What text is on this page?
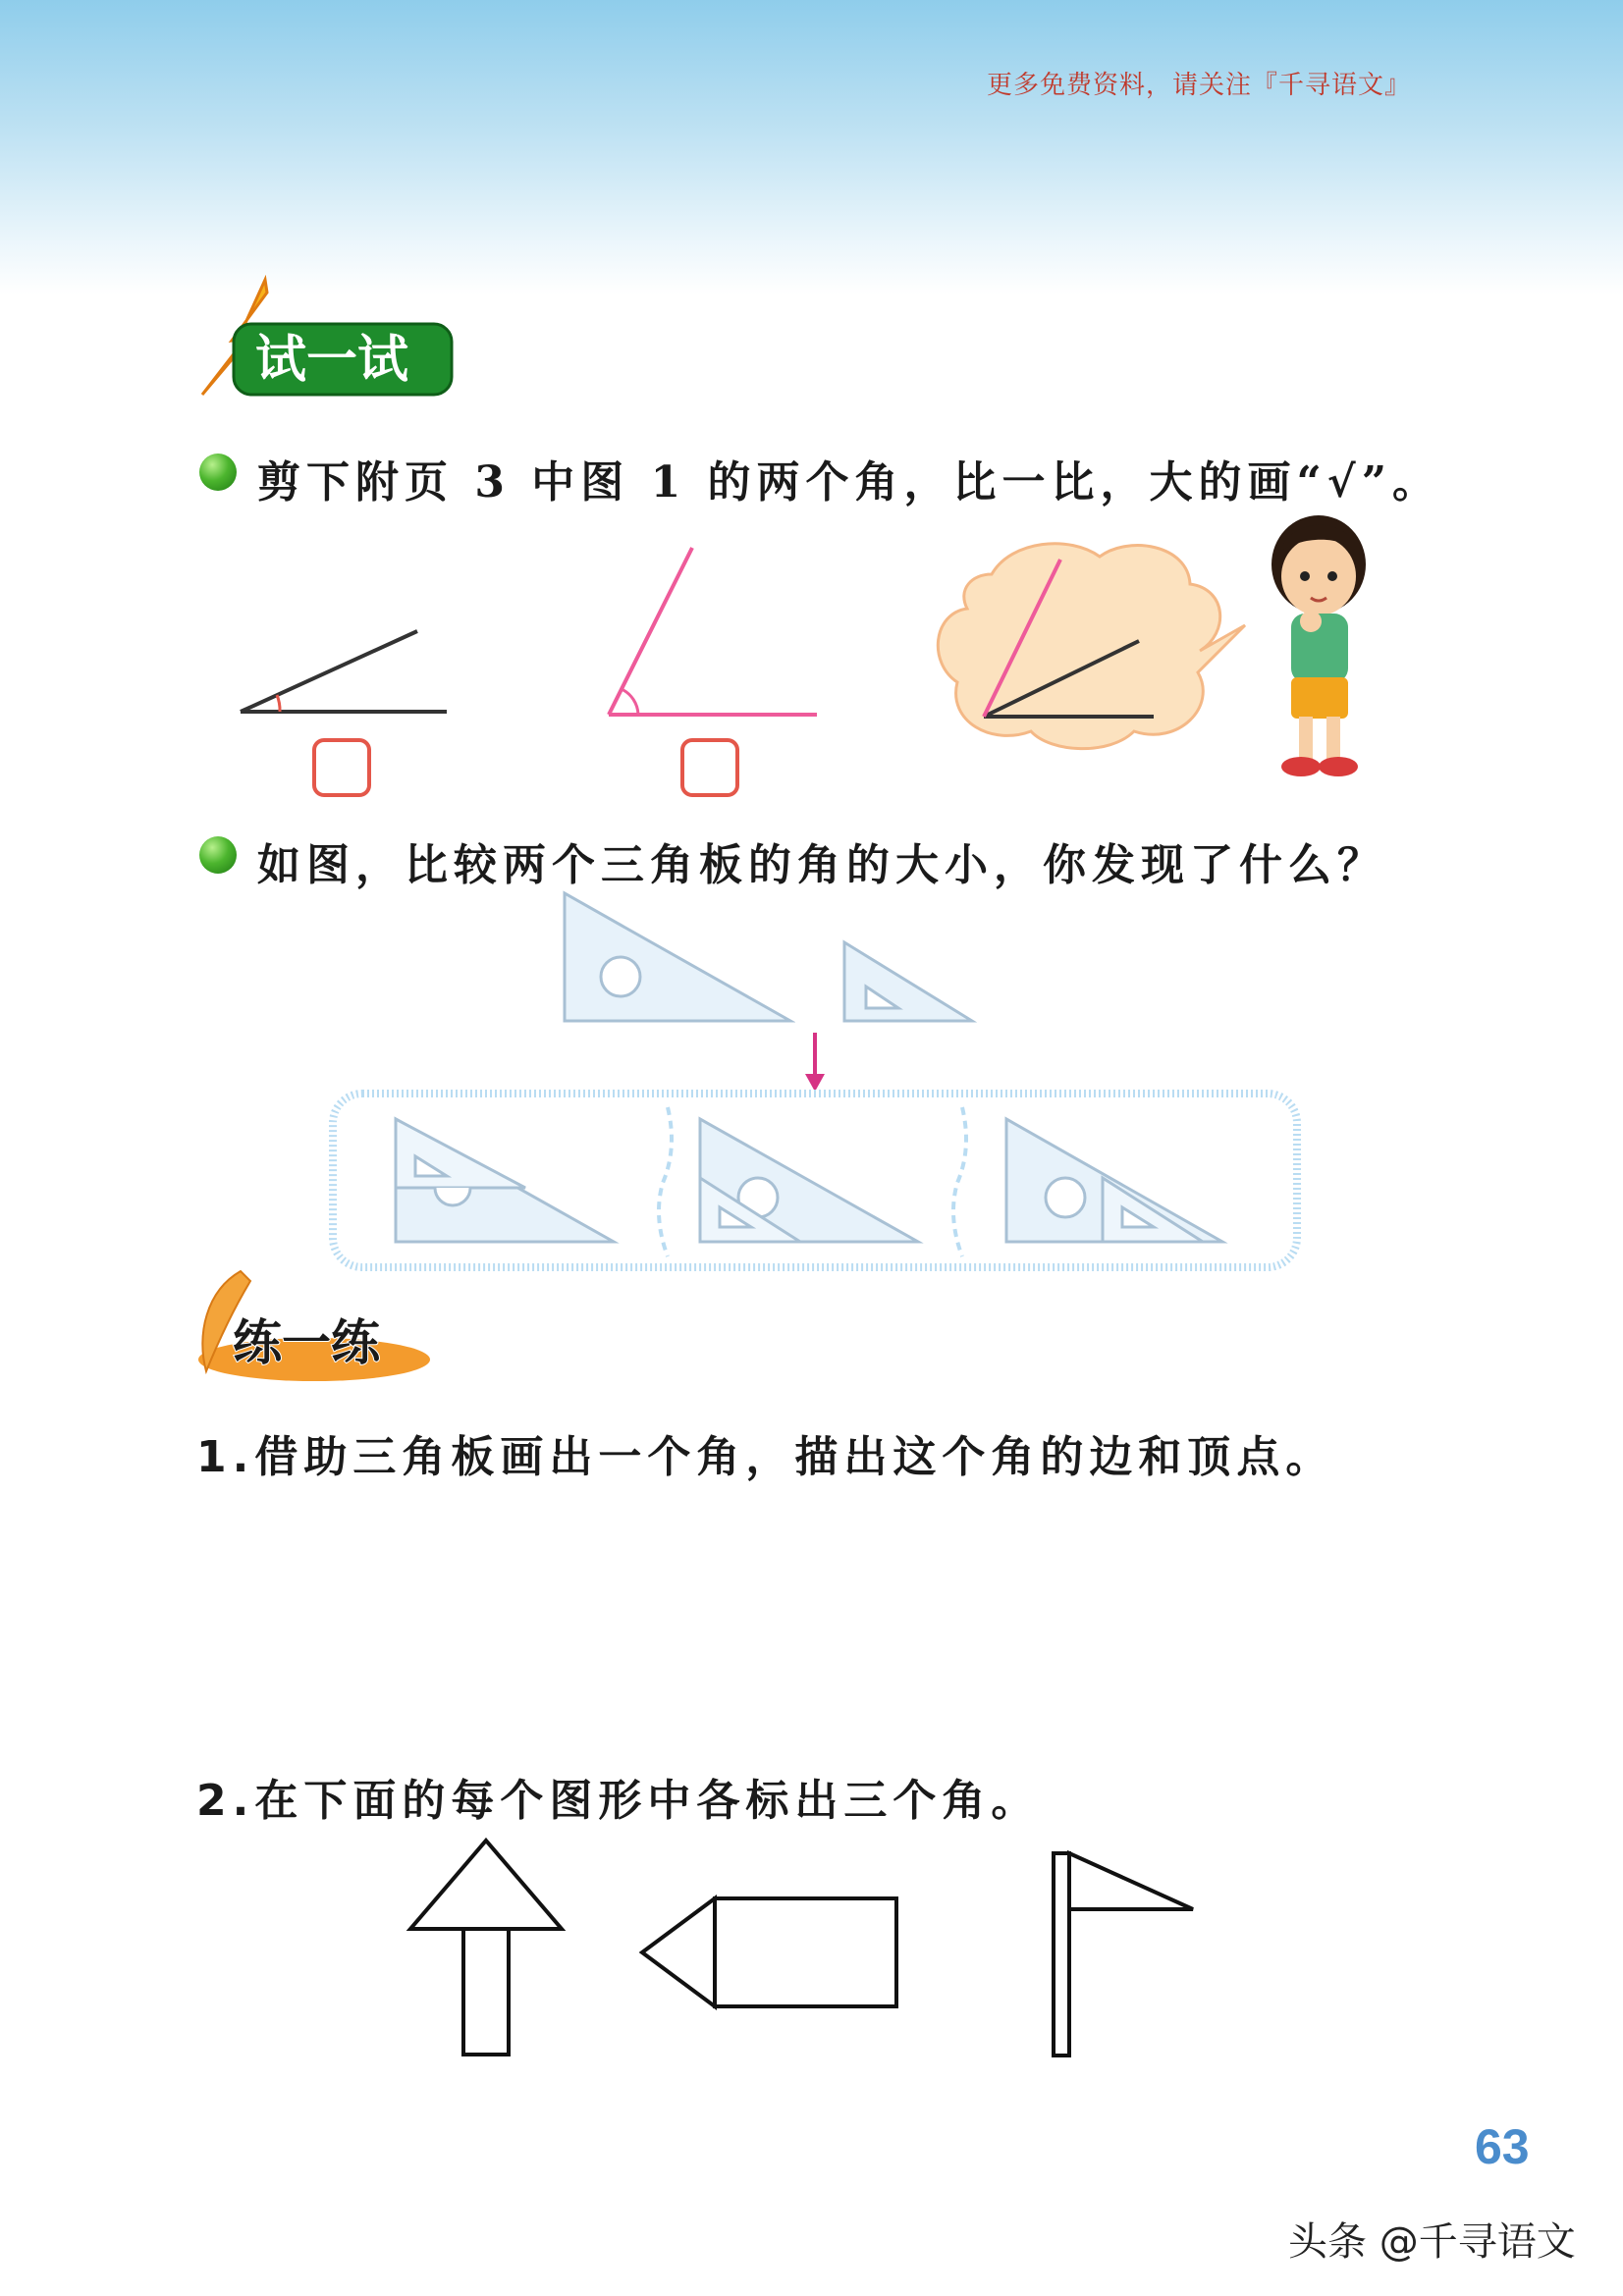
更多免费资料，请关注『千寻语文』
试一试
剪下附页 3 中图 1 的两个角，比一比，大的画“√”。
如图，比较两个三角板的角的大小，你发现了什么？
练一练
1.借助三角板画出一个角，描出这个角的边和顶点。
2.在下面的每个图形中各标出三个角。
63
头条 @千寻语文
